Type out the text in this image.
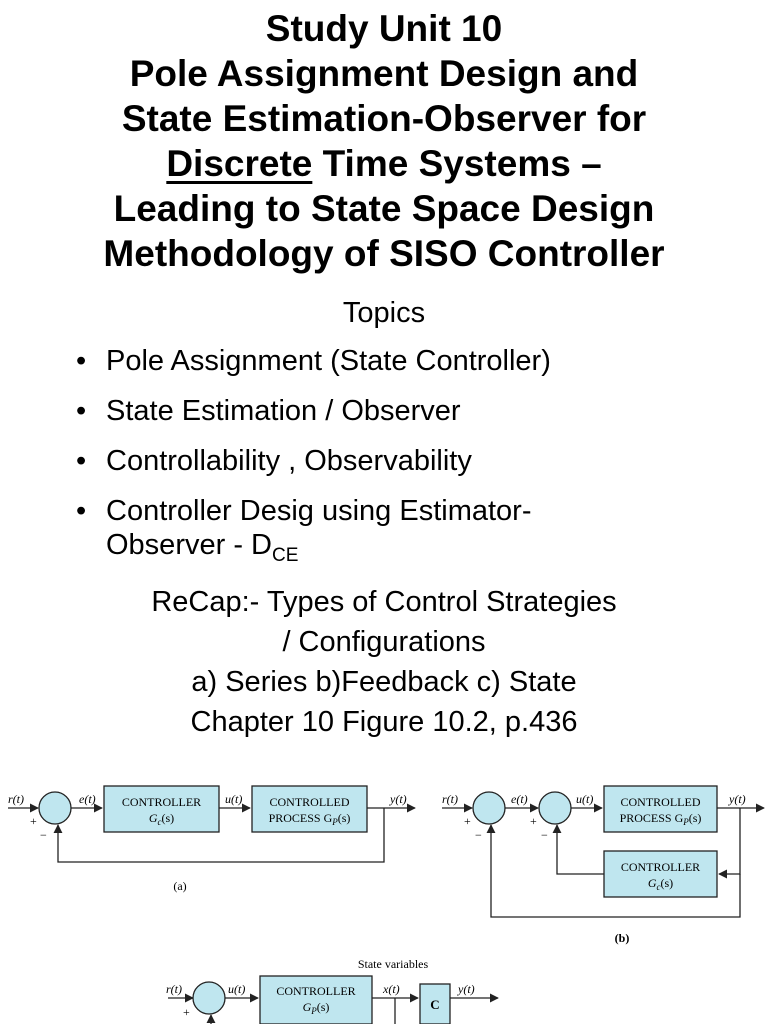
Study Unit 10
Pole Assignment Design and
State Estimation-Observer for
Discrete Time Systems –
Leading to State Space Design
Methodology of SISO Controller
Topics
• Pole Assignment (State Controller)
• State Estimation / Observer
• Controllability , Observability
• Controller Desig using Estimator-
Observer - $D_{CE}$
ReCap:- Types of Control Strategies
/ Configurations
a) Series b)Feedback c) State
Chapter 10 Figure 10.2, p.436
r(t)	e(t)	u(t)	y(t)
+
−
CONTROLLER
$G_c(s)$
CONTROLLED
PROCESS $G_P(s)$
(a)
r(t)	e(t)	u(t)	y(t)
+
−
+
−
CONTROLLED
PROCESS $G_P(s)$
CONTROLLER
$G_c(s)$
(b)
State variables
r(t)	u(t)	x(t)	y(t)
+
CONTROLLER
$G_P(s)$	C
